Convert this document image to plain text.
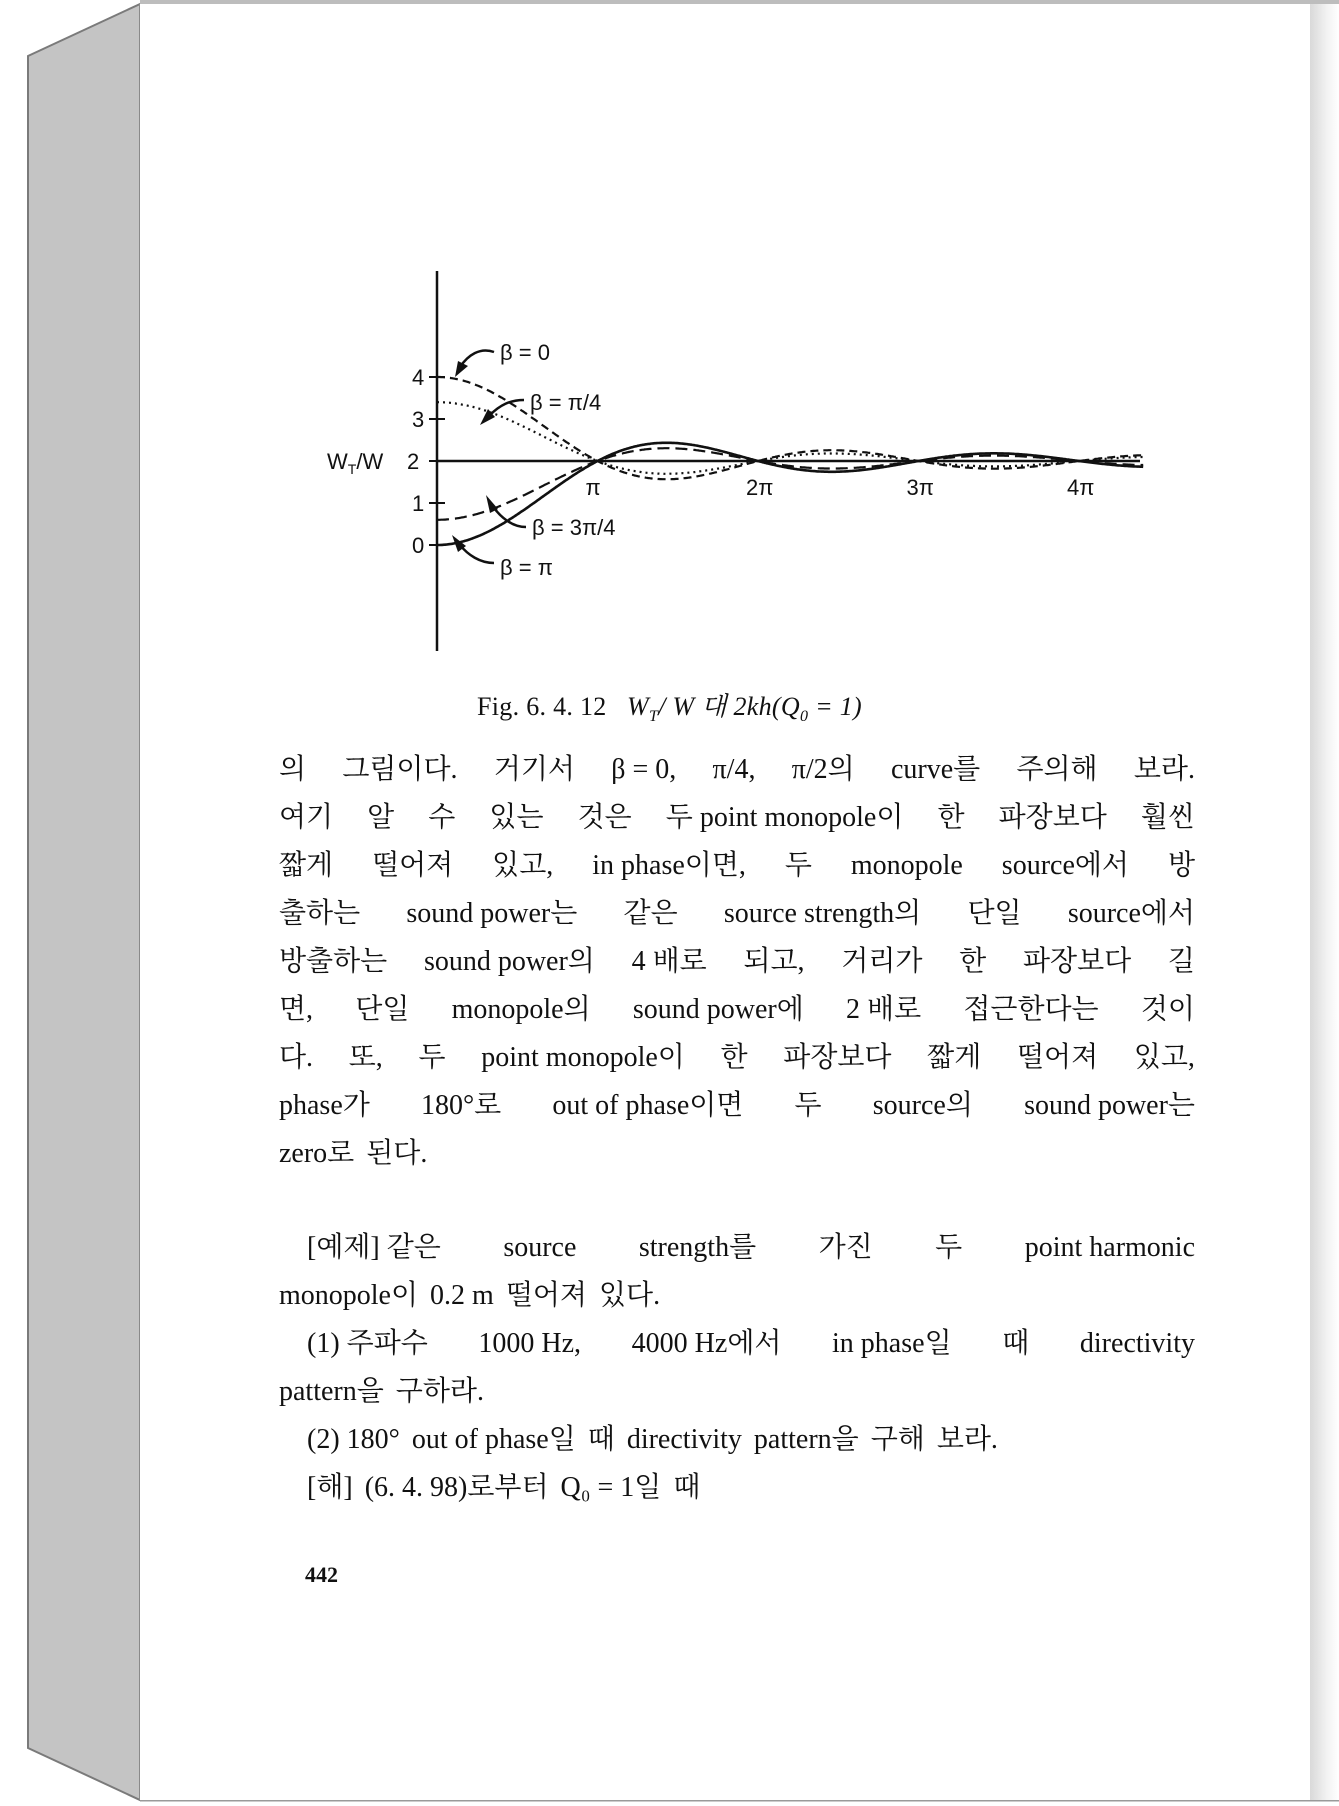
0
1
2
3
4
π	2π	3π	4π
$W_T/W$
β = 0
β = π/4
β = 3π/4
β = π
Fig. 6. 4. 12 $W_T/$ W 대 $2kh(Q_0 = 1)$
의 그림이다. 거기서 β = 0, π/4, π/2의 curve를 주의해 보라.
여기 알 수 있는 것은 두 point monopole이 한 파장보다 훨씬
짧게 떨어져 있고, in phase이면, 두 monopole source에서 방
출하는 sound power는 같은 source strength의 단일 source에서
방출하는 sound power의 4 배로 되고, 거리가 한 파장보다 길
면, 단일 monopole의 sound power에 2 배로 접근한다는 것이
다. 또, 두 point monopole이 한 파장보다 짧게 떨어져 있고,
phase가 180°로 out of phase이면 두 source의 sound power는
zero로 된다.
[예제] 같은 source strength를 가진 두 point harmonic
monopole이 0.2 m 떨어져 있다.
(1) 주파수 1000 Hz, 4000 Hz에서 in phase일 때 directivity
pattern을 구하라.
(2) 180° out of phase일 때 directivity pattern을 구해 보라.
[해] (6. 4. 98)로부터 Q₀ = 1일 때
442
